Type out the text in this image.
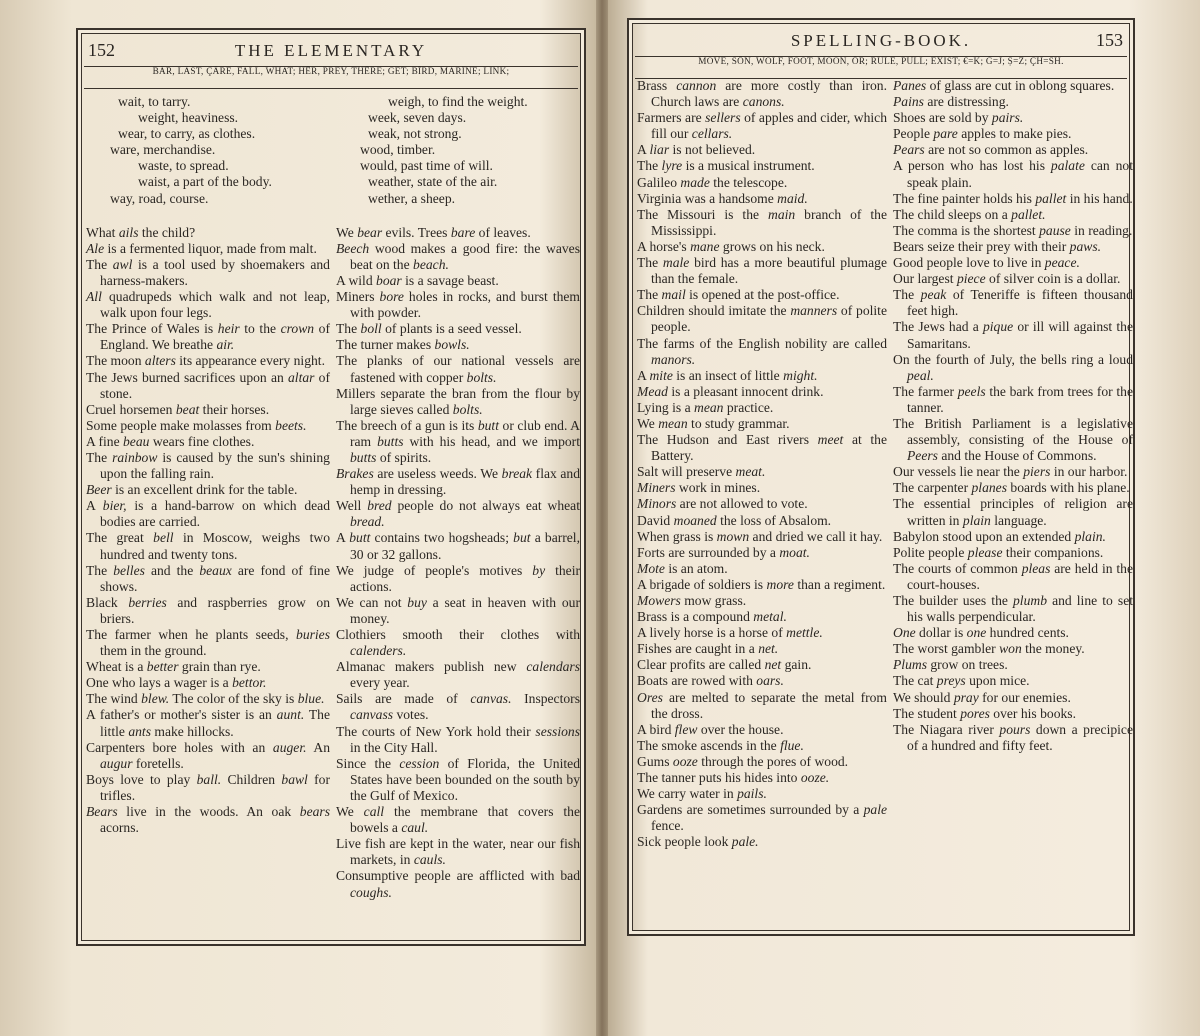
152	THE ELEMENTARY
BÄR, LÄST, ÇÂRE, FALL, WHAT; HÊR, PREY, THÊRE; GET; BÎRD, MARÏNE; LINK;
wait, to tarry.
weight, heaviness.
wear, to carry, as clothes.
ware, merchandise.
waste, to spread.
waist, a part of the body.
way, road, course.
What ails the child?
Ale is a fermented liquor, made from malt.
The awl is a tool used by shoemakers and harness-makers.
All quadrupeds which walk and not leap, walk upon four legs.
The Prince of Wales is heir to the crown of England. We breathe air.
The moon alters its appearance every night.
The Jews burned sacrifices upon an altar of stone.
Cruel horsemen beat their horses.
Some people make molasses from beets.
A fine beau wears fine clothes.
The rainbow is caused by the sun's shining upon the falling rain.
Beer is an excellent drink for the table.
A bier, is a hand-barrow on which dead bodies are carried.
The great bell in Moscow, weighs two hundred and twenty tons.
The belles and the beaux are fond of fine shows.
Black berries and raspberries grow on briers.
The farmer when he plants seeds, buries them in the ground.
Wheat is a better grain than rye.
One who lays a wager is a bettor.
The wind blew. The color of the sky is blue.
A father's or mother's sister is an aunt. The little ants make hillocks.
Carpenters bore holes with an auger. An augur foretells.
Boys love to play ball. Children bawl for trifles.
Bears live in the woods. An oak bears acorns.
weigh, to find the weight.
week, seven days.
weak, not strong.
wood, timber.
would, past time of will.
weather, state of the air.
wether, a sheep.
We bear evils. Trees bare of leaves.
Beech wood makes a good fire: the waves beat on the beach.
A wild boar is a savage beast.
Miners bore holes in rocks, and burst them with powder.
The boll of plants is a seed vessel.
The turner makes bowls.
The planks of our national vessels are fastened with copper bolts.
Millers separate the bran from the flour by large sieves called bolts.
The breech of a gun is its butt or club end. A ram butts with his head, and we import butts of spirits.
Brakes are useless weeds. We break flax and hemp in dressing.
Well bred people do not always eat wheat bread.
A butt contains two hogsheads; but a barrel, 30 or 32 gallons.
We judge of people's motives by their actions.
We can not buy a seat in heaven with our money.
Clothiers smooth their clothes with calenders.
Almanac makers publish new calendars every year.
Sails are made of canvas. Inspectors canvass votes.
The courts of New York hold their sessions in the City Hall.
Since the cession of Florida, the United States have been bounded on the south by the Gulf of Mexico.
We call the membrane that covers the bowels a caul.
Live fish are kept in the water, near our fish markets, in cauls.
Consumptive people are afflicted with bad coughs.
SPELLING-BOOK.	153
MOVE, SÔN, WOLF, FOOT, MOON, ÔR; RULE, PULL; EXIST; €=K; Ġ=J; Ṣ=Z; ÇH=SH.
Brass cannon are more costly than iron. Church laws are canons.
Farmers are sellers of apples and cider, which fill our cellars.
A liar is not believed.
The lyre is a musical instrument.
Galileo made the telescope.
Virginia was a handsome maid.
The Missouri is the main branch of the Mississippi.
A horse's mane grows on his neck.
The male bird has a more beautiful plumage than the female.
The mail is opened at the post-office.
Children should imitate the manners of polite people.
The farms of the English nobility are called manors.
A mite is an insect of little might.
Mead is a pleasant innocent drink.
Lying is a mean practice.
We mean to study grammar.
The Hudson and East rivers meet at the Battery.
Salt will preserve meat.
Miners work in mines.
Minors are not allowed to vote.
David moaned the loss of Absalom.
When grass is mown and dried we call it hay.
Forts are surrounded by a moat.
Mote is an atom.
A brigade of soldiers is more than a regiment.
Mowers mow grass.
Brass is a compound metal.
A lively horse is a horse of mettle.
Fishes are caught in a net.
Clear profits are called net gain.
Boats are rowed with oars.
Ores are melted to separate the metal from the dross.
A bird flew over the house.
The smoke ascends in the flue.
Gums ooze through the pores of wood.
The tanner puts his hides into ooze.
We carry water in pails.
Gardens are sometimes surrounded by a pale fence.
Sick people look pale.
Panes of glass are cut in oblong squares.
Pains are distressing.
Shoes are sold by pairs.
People pare apples to make pies.
Pears are not so common as apples.
A person who has lost his palate can not speak plain.
The fine painter holds his pallet in his hand.
The child sleeps on a pallet.
The comma is the shortest pause in reading.
Bears seize their prey with their paws.
Good people love to live in peace.
Our largest piece of silver coin is a dollar.
The peak of Teneriffe is fifteen thousand feet high.
The Jews had a pique or ill will against the Samaritans.
On the fourth of July, the bells ring a loud peal.
The farmer peels the bark from trees for the tanner.
The British Parliament is a legislative assembly, consisting of the House of Peers and the House of Commons.
Our vessels lie near the piers in our harbor.
The carpenter planes boards with his plane.
The essential principles of religion are written in plain language.
Babylon stood upon an extended plain.
Polite people please their companions.
The courts of common pleas are held in the court-houses.
The builder uses the plumb and line to set his walls perpendicular.
One dollar is one hundred cents.
The worst gambler won the money.
Plums grow on trees.
The cat preys upon mice.
We should pray for our enemies.
The student pores over his books.
The Niagara river pours down a precipice of a hundred and fifty feet.
